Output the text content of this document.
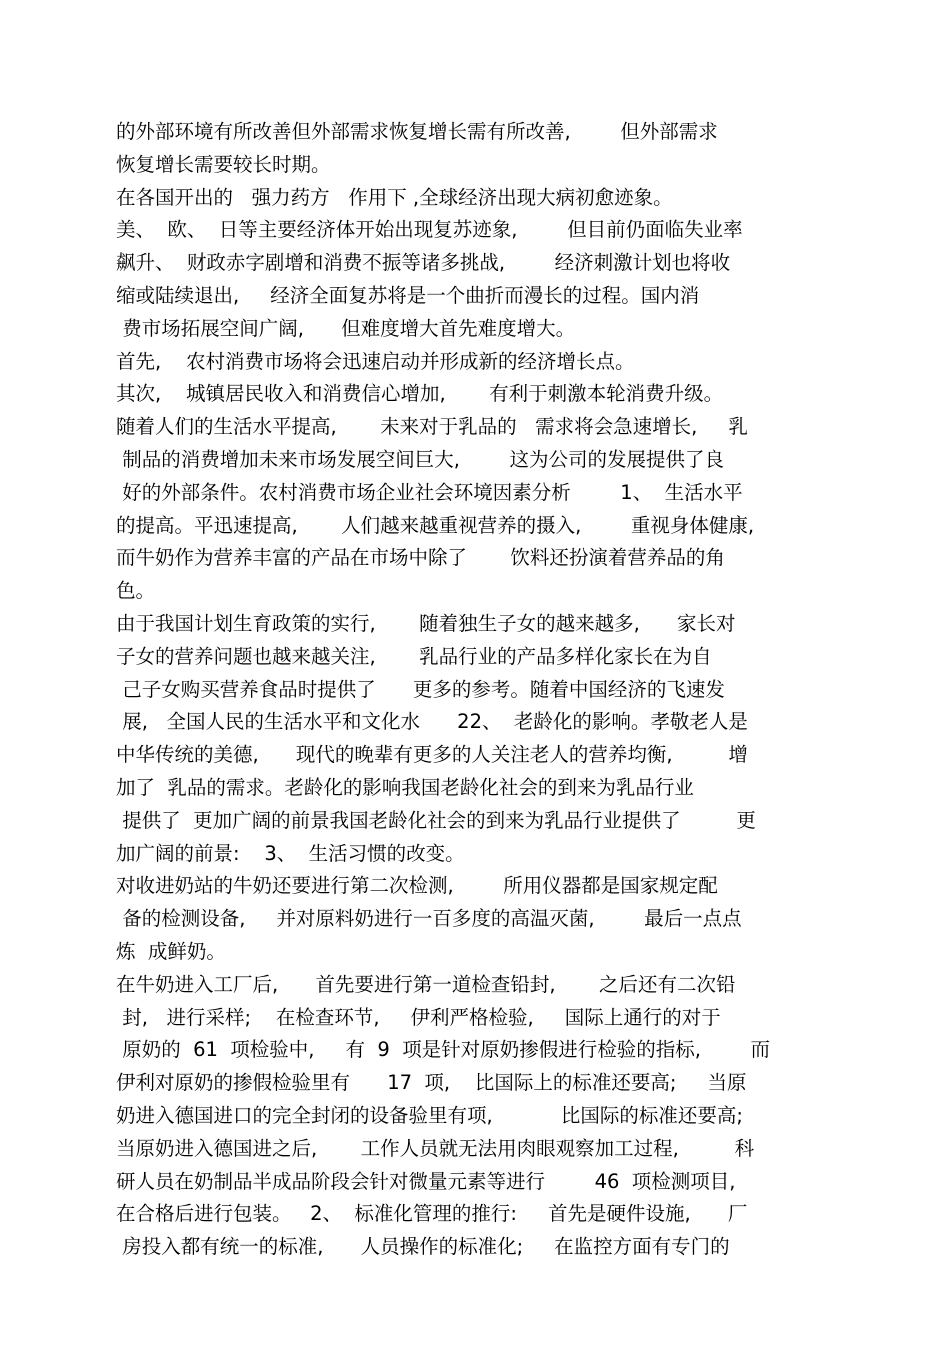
的外部环境有所改善但外部需求恢复增长需有所改善,        但外部需求
恢复增长需要较长时期。
在各国开出的   强力药方   作用下 ,全球经济出现大病初愈迹象。
美、  欧、  日等主要经济体开始出现复苏迹象,        但目前仍面临失业率
飙升、  财政赤字剧增和消费不振等诸多挑战,        经济刺激计划也将收
缩或陆续退出,     经济全面复苏将是一个曲折而漫长的过程。国内消
费市场拓展空间广阔,      但难度增大首先难度增大。
首先,    农村消费市场将会迅速启动并形成新的经济增长点。
其次,    城镇居民收入和消费信心增加,       有利于刺激本轮消费升级。
随着人们的生活水平提高,       未来对于乳品的   需求将会急速增长,     乳
制品的消费增加未来市场发展空间巨大,        这为公司的发展提供了良
好的外部条件。农村消费市场企业社会环境因素分析        1、  生活水平
的提高。平迅速提高,       人们越来越重视营养的摄入,        重视身体健康,
而牛奶作为营养丰富的产品在市场中除了       饮料还扮演着营养品的角
色。
由于我国计划生育政策的实行,       随着独生子女的越来越多,      家长对
子女的营养问题也越来越关注,       乳品行业的产品多样化家长在为自
己子女购买营养食品时提供了      更多的参考。随着中国经济的飞速发
展,   全国人民的生活水平和文化水      22、  老龄化的影响。孝敬老人是
中华传统的美德,      现代的晚辈有更多的人关注老人的营养均衡,         增
加了  乳品的需求。老龄化的影响我国老龄化社会的到来为乳品行业
提供了  更加广阔的前景我国老龄化社会的到来为乳品行业提供了         更
加广阔的前景:    3、  生活习惯的改变。
对收进奶站的牛奶还要进行第二次检测,        所用仪器都是国家规定配
备的检测设备,     并对原料奶进行一百多度的高温灭菌,        最后一点点
炼  成鲜奶。
在牛奶进入工厂后,      首先要进行第一道检查铅封,       之后还有二次铅
封,   进行采样;    在检查环节,     伊利严格检验,     国际上通行的对于
原奶的  61  项检验中,     有  9  项是针对原奶掺假进行检验的指标,        而
伊利对原奶的掺假检验里有      17  项,    比国际上的标准还要高;     当原
奶进入德国进口的完全封闭的设备验里有项,           比国际的标准还要高;
当原奶进入德国进之后,       工作人员就无法用肉眼观察加工过程,         科
研人员在奶制品半成品阶段会针对微量元素等进行        46  项检测项目,
在合格后进行包装。   2、  标准化管理的推行:     首先是硬件设施,      厂
房投入都有统一的标准,      人员操作的标准化;     在监控方面有专门的
